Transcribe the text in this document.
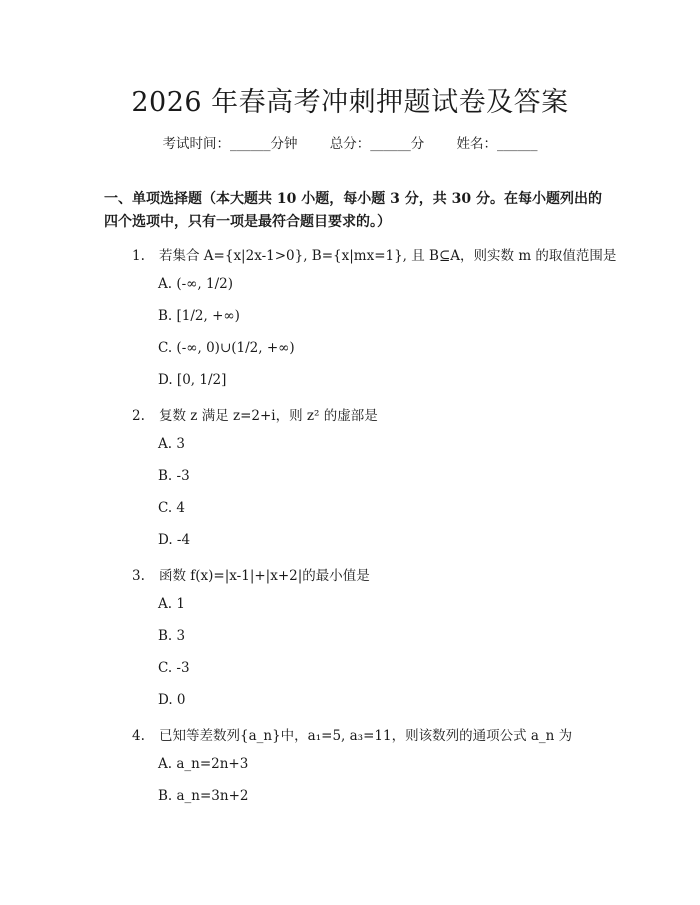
2026 年春高考冲刺押题试卷及答案
考试时间：______分钟 总分：______分 姓名：______
一、单项选择题（本大题共 10 小题，每小题 3 分，共 30 分。在每小题列出的四个选项中，只有一项是最符合题目要求的。）
1. 若集合 A={x|2x-1>0}, B={x|mx=1}, 且 B⊆A，则实数 m 的取值范围是
A. (-∞, 1/2)
B. [1/2, +∞)
C. (-∞, 0)∪(1/2, +∞)
D. [0, 1/2]
2. 复数 z 满足 z=2+i，则 z² 的虚部是
A. 3
B. -3
C. 4
D. -4
3. 函数 f(x)=|x-1|+|x+2|的最小值是
A. 1
B. 3
C. -3
D. 0
4. 已知等差数列{a_n}中，a₁=5, a₃=11，则该数列的通项公式 a_n 为
A. a_n=2n+3
B. a_n=3n+2
